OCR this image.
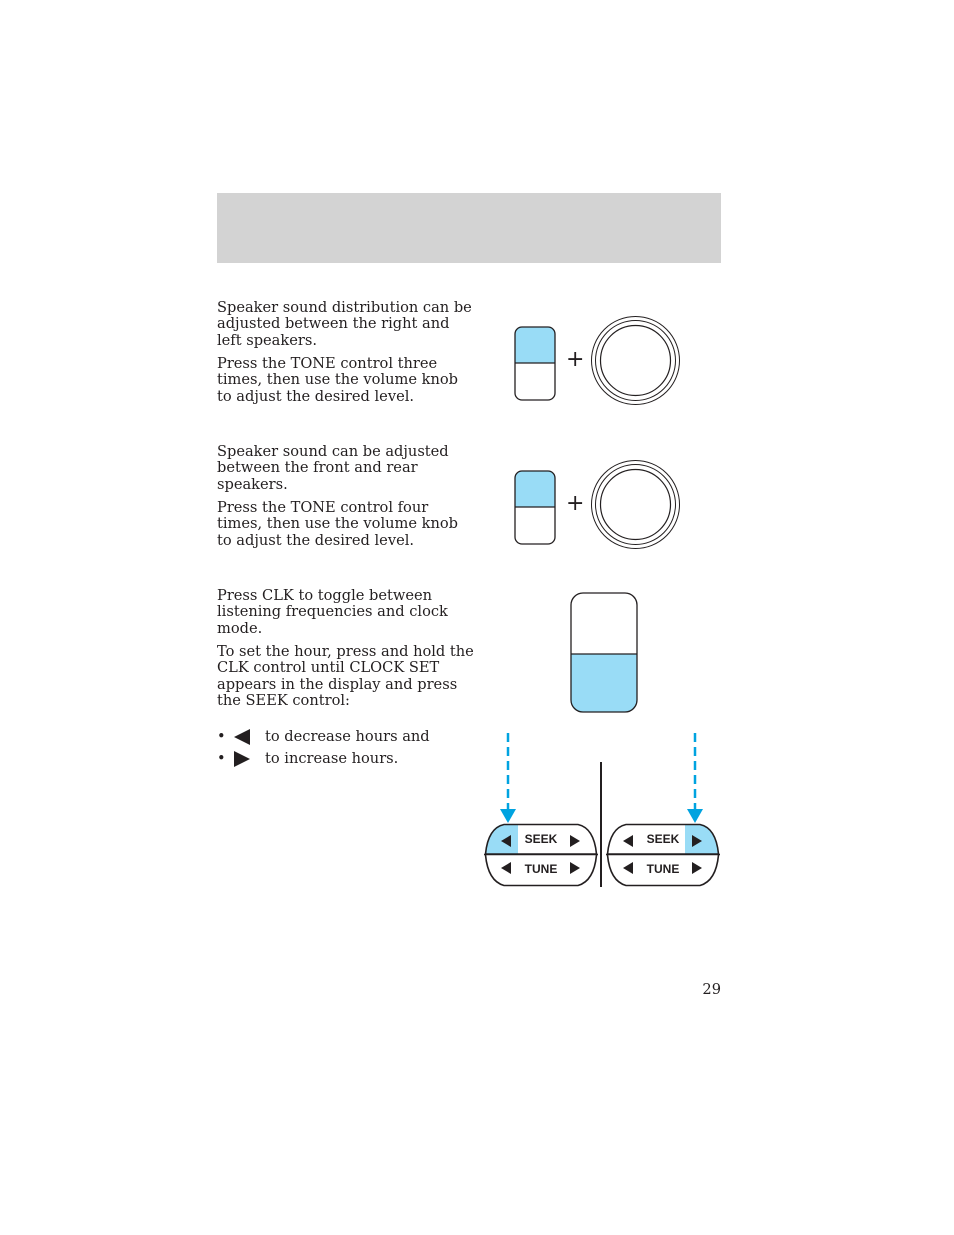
Speaker sound distribution can be adjusted between the right and left speakers.

Press the TONE control three times, then use the volume knob to adjust the desired level.

+

Speaker sound can be adjusted between the front and rear speakers.

Press the TONE control four times, then use the volume knob to adjust the desired level.

+

Press CLK to toggle between listening frequencies and clock mode.

To set the hour, press and hold the CLK control until CLOCK SET appears in the display and press the SEEK control:

•	to decrease hours and
•	to increase hours.
SEEK
TUNE
SEEK
TUNE
29
